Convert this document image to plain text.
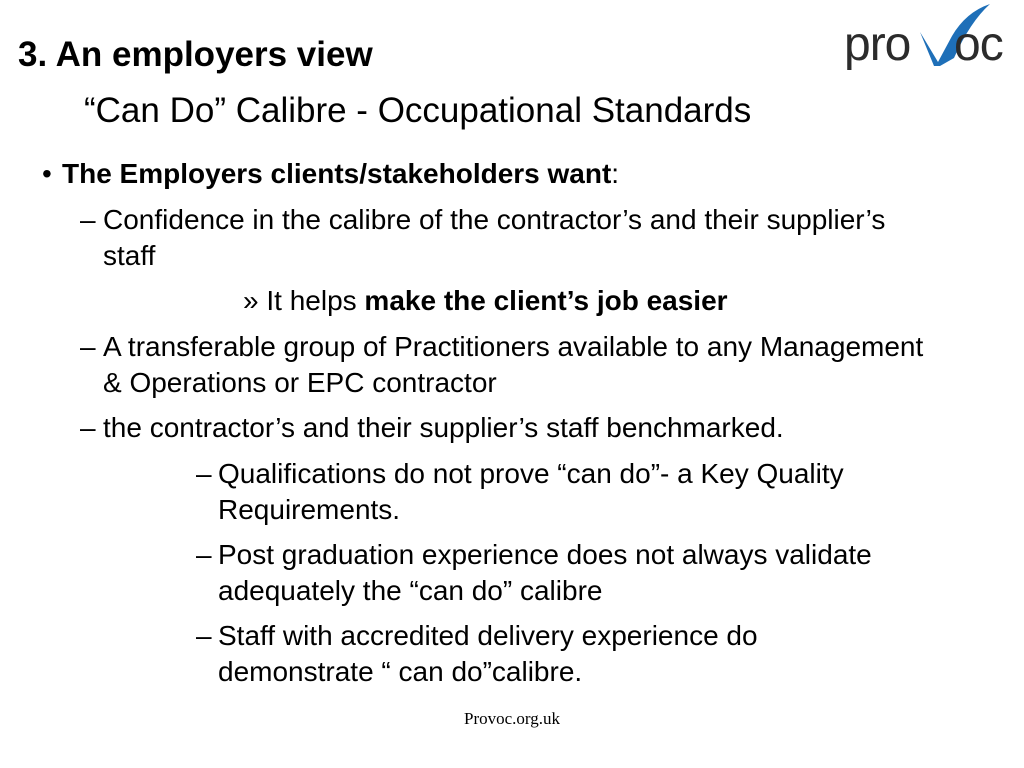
3. An employers view
“Can Do” Calibre - Occupational Standards
pro oc
• The Employers clients/stakeholders want:
– Confidence in the calibre of the contractor’s and their supplier’s staff
» It helps make the client’s job easier
– A transferable group of Practitioners available to any Management & Operations or EPC contractor
– the contractor’s and their supplier’s staff benchmarked.
– Qualifications do not prove “can do”- a Key Quality Requirements.
– Post graduation experience does not always validate adequately the “can do” calibre
– Staff with accredited delivery experience do demonstrate “ can do”calibre.
Provoc.org.uk
